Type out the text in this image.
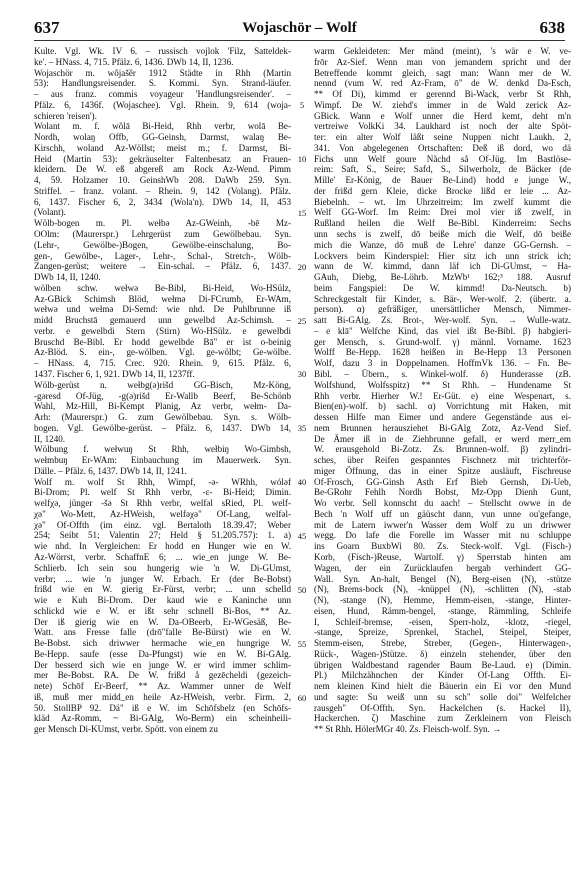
637	Wojaschör – Wolf	638
Kulte. Vgl. Wk. IV 6. – russisch vojlok 'Filz, Satteldek-
ke'. – HNass. 4, 715. Pfälz. 6, 1436. DWb 14, II, 1236.
Wojaschör m. wôjašêr 1912 Städte in Rhh (Martin
53): Handlungsreisender. S. Kommi. Syn. Strand-läufer.
– aus franz. commis voyageur 'Handlungsreisender'. –
Pfälz. 6, 1436f. (Wojaschee). Vgl. Rhein. 9, 614 (woja-
schieren 'reisen').
Wolant m. f. wôlā Bi-Heid, Rhh verbr, wolā Be-
Nordh, wolaŋ Offb, GG-Geinsh, Darmst, walaŋ Be-
Kirschh, woland Az-Wöllst; meist m.; f. Darmst, Bi-
Heid (Martin 53): gekräuselter Faltenbesatz an Frauen-
kleidern. De W. eß abgereß am Rock Az-Wend. Pimm
4, 59. Holzamer 10. GeinshWb 208. DaWb 259. Syn.
Striffel. – franz. volant. – Rhein. 9, 142 (Volang). Pfälz.
6, 1437. Fischer 6, 2, 3434 (Wola'n). DWb 14, II, 453
(Volant).
Wölb-bogen m. Pl. wełbə Az-GWeinh, -bē Mz-
OOlm: (Maurerspr.) Lehrgerüst zum Gewölbebau. Syn.
(Lehr-, Gewölbe-)Bogen, Gewölbe-einschalung, Bo-
gen-, Gewölbe-, Lager-, Lehr-, Schal-, Stretch-, Wölb-
Zangen-gerüst; weitere → Ein-schal. – Pfälz. 6, 1437.
DWb 14, II, 1240.
wölben schw. wełwə Be-Bibl, Bi-Heid, Wo-HSülz,
Az-GBick Schimsh Blöd, wełmə Di-FCrumb, Er-WAm,
wełwə und wełmə Di-Semd: wie nhd. De Puhlbrunne iß
midd Bruchstā gemauerd unn gewelbd Az-Schimsh. –
verbr. e gewelbdi Stern (Stirn) Wo-HSülz. e gewelbdi
Bruschd Be-Bibl. Er hodd gewelbde Bā" er ist o-beinig
Az-Blöd. S. ein-, ge-wölben. Vgl. ge-wölbt; Ge-wölbe.
– HNass. 4, 715. Crec. 920. Rhein. 9, 615. Pfälz. 6,
1437. Fischer 6, 1, 921. DWb 14, II, 1237ff.
Wölb-gerüst n. wełbg(ə)rišd GG-Bisch, Mz-Köng,
-gəresd Of-Jüg, -g(ə)rišd Er-Wallb Beerf, Be-Schönb
Wahl, Mz-Hill, Bi-Kempt Planig, Az verbr, wełm- Da-
Arh: (Maurerspr.) G. zum Gewölbebau. Syn. s. Wölb-
bogen. Vgl. Gewölbe-gerüst. – Pfälz. 6, 1437. DWb 14,
II, 1240.
Wölbung f. wełwuŋ St Rhh, wełbiŋ Wo-Gimbsh,
wełmbuŋ Er-WAm: Einbauchung im Mauerwerk. Syn.
Dälle. – Pfälz. 6, 1437. DWb 14, II, 1241.
Wolf m. wolf St Rhh, Wimpf, -ǝ- WRhh, wólǝf
Bi-Drom; Pl. welf St Rhh verbr, -ɛ- Bi-Heid; Dimin.
welfχə, jünger -šə St Rhh verbr, welfəl sRied, Pl. welf-
χə" Wo-Mett, Az-HWeish, welfəχə" Of-Lang, welfəl-
χə" Of-Offth (im einz. vgl. Bertaloth 18.39.47; Weber
254; Seibt 51; Valentin 27; Held § 51.205.757): 1. a)
wie nhd. In Vergleichen: Er hodd en Hunger wie en W.
Az-Wörrst, verbr. SchaffnE 6; ... wie_en junge W. Be-
Schlierb. Ich sein sou hungerig wie 'n W. Di-GUmst,
verbr; ... wie 'n junger W. Erbach. Er (der Be-Bobst)
frißd wie en W. gierig Er-Fürst, verbr; ... unn schelld
wie e Kuh Bi-Drom. Der kaud wie e Kaninche unn
schlickd wie e W. er ißt sehr schnell Bi-Bos, ** Az.
Der iß gierig wie en W. Da-OBeerb, Er-WGesäß, Be-
Watt. ans Fresse falle (drō"falle Be-Bürst) wie en W.
Be-Bobst. sich driwwer hermache wie_en hungrige W.
Be-Hepp. saufe (esse Da-Pfungst) wie en W. Bi-GAlg.
Der besserd sich wie en junge W. er wird immer schlim-
mer Be-Bobst. RA. De W. frißd å gezēcheldi (gezeich-
nete) Schōf Er-Beerf, ** Az. Wammer unner de Welf
iß, muß mer midd_en heile Az-HWeish, verbr. Firm. 2,
50. StollBP 92. Dä" iß e W. im Schōfsbelz (en Schōfs-
kläd Az-Romm, ~ Bi-GAlg, Wo-Berm) ein scheinheili-
ger Mensch Di-KUmst, verbr. Spött. von einem zu
5
10
15
20
25
30
35
40
45
50
55
60
warm Gekleideten: Mer mänd (meint), 's wär e W. ve-
frōr Az-Sief. Wenn man von jemandem spricht und der
Betreffende kommt gleich, sagt man: Wann mer de W.
nennd (vum W. red Az-Fram, ō" de W. denkd Da-Esch,
** Of Di), kimmd er gerennd Bi-Wack, verbr St Rhh,
Wimpf. De W. ziehd's immer in de Wald zerick Az-
GBick. Wann e Wolf unner die Herd kemt, deht m'n
vertreiwe VolkKi 34. Laukhard ist noch der alte Spöt-
ter: ein alter Wolf läßt seine Nuppen nicht Laukh. 2,
341. Von abgelegenen Ortschaften: Deß iß dord, wo dä
Fichs unn Welf goure Nåchd så Of-Jüg. Im Bastlöse-
reim: Saft, S., Seire; Safd, S., Silwerholz, de Bäcker (de
Mille' Er-König, de Bauer Be-Lind) hodd e junge W.,
der frißd gern Kleie, dicke Brocke lißd er leie ... Az-
Biebelnh. – wt. Im Uhrzeitreim: Im zwelf kummt die
Welf GG-Worf. Im Reim: Drei mol vier iß zwelf, in
Rußland heilen die Welf Be-Bibl. Kinderreim: Sechs
unn sechs is zwelf, dō beiße mich die Welf, dō beiße
mich die Wanze, dō muß de Lehre' danze GG-Gernsh. –
Lockvers beim Kinderspiel: Hier sitz ich unn strick ich;
wann de W. kimmd, dann läf ich Di-GUmst, ~ Ha-
GAuh, Diebg, Be-Löhrb. MzWb¹ 162;³ 188. Ausruf
beim Fangspiel: De W. kimmd! Da-Neutsch. b)
Schreckgestalt für Kinder, s. Bär-, Wer-wolf. 2. (übertr. a.
person). α) gefräßiger, unersättlicher Mensch, Nimmer-
satt Bi-GAlg. Zs. Brot-, Wer-wolf. Syn. → Wulle-watz.
– e klā" Welfche Kind, das viel ißt Be-Bibl. β) habgieri-
ger Mensch, s. Grund-wolf. γ) männl. Vorname. 1623
Wolff Be-Hepp. 1628 heißen in Be-Hepp 13 Personen
Wolf, dazu 3 in Doppelnamen. HoffmVk 136. – Fn. Be-
Bibl. – Übern., s. Winkel-wolf. δ) Hunderasse (zB.
Wolfshund, Wolfsspitz) ** St Rhh. – Hundename St
Rhh verbr. Hierher W.! Er-Güt. e) eine Wespenart, s.
Bien(en)-wolf. b) sachl. α) Vorrichtung mit Haken, mit
dessen Hilfe man Eimer und andere Gegenstände aus ei-
nem Brunnen herausziehet Bi-GAlg Zotz, Az-Vend Sief.
De Ämer iß in de Ziehbrunne gefall, er werd merr_em
W. erausgehold Bi-Zotz. Zs. Brunnen-wolf. β) zylindri-
sches, über Reifen gespanntes Fischnetz mit trichterför-
miger Öffnung, das in einer Spitze ausläuft, Fischreuse
Of-Frosch, GG-Ginsh Asth Erf Bieb Gernsh, Di-Ueb,
Be-GRohr Fehlh Nordh Bobst, Mz-Opp Dienh Gunt,
Wo verbr. Sell konnscht du aach! – Stellscht owwe in de
Bech 'n Wolf uff un gäüscht dann, vun unne ou'gefange,
mit de Latern iwwer'n Wasser dem Wolf zu un driwwer
wegg. Do lafe die Forelle im Wasser mit nu schluppe
ins Goarn BuxbWi 80. Zs. Steck-wolf. Vgl. (Fisch-)
Korb, (Fisch-)Reuse, Wartolf. γ) Sperrstab hinten am
Wagen, der ein Zurücklaufen bergab verhindert GG-
Wall. Syn. An-halt, Bengel (N), Berg-eisen (N), -stütze
(N), Brems-bock (N), -knüppel (N), -schlitten (N), -stab
(N), -stange (N), Hemme, Hemm-eisen, -stange, Hinter-
eisen, Hund, Rämm-bengel, -stange, Rämmling, Schleife
I, Schleif-bremse, -eisen, Sperr-holz, -klotz, -riegel,
-stange, Spreize, Sprenkel, Stachel, Steipel, Steiper,
Stemm-eisen, Strebe, Streber, (Gegen-, Hinterwagen-,
Rück-, Wagen-)Stütze. δ) einzeln stehender, über den
übrigen Waldbestand ragender Baum Be-Laud. e) (Dimin.
Pl.) Milchzähnchen der Kinder Of-Lang Offth. Ei-
nem kleinen Kind hielt die Bäuerin ein Ei vor den Mund
und sagte: Su weiß unn su sch" solle doi" Welfelcher
rausgeh" Of-Offth. Syn. Hackelchen (s. Hackel II),
Hackerchen. ζ) Maschine zum Zerkleinern von Fleisch
** St Rhh. HölerMGr 40. Zs. Fleisch-wolf. Syn. →
